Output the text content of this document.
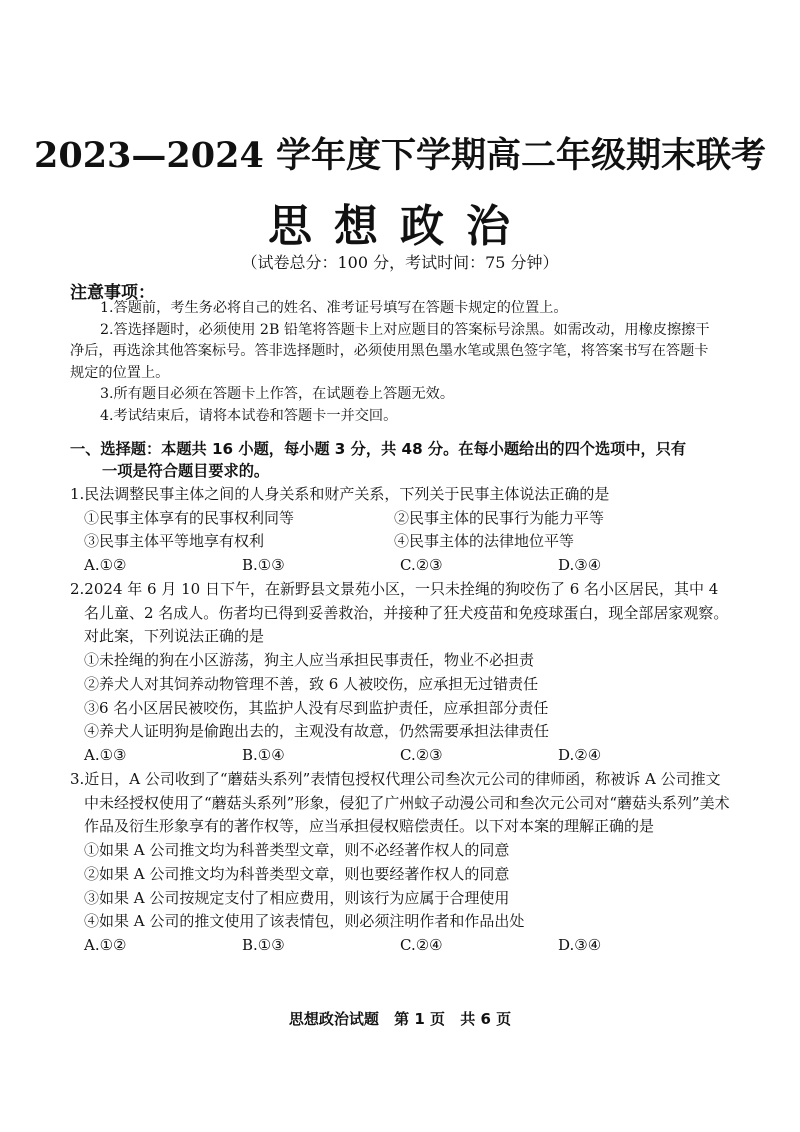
2023—2024 学年度下学期高二年级期末联考
思想政治
（试卷总分：100 分，考试时间：75 分钟）
注意事项：
1.答题前，考生务必将自己的姓名、准考证号填写在答题卡规定的位置上。
2.答选择题时，必须使用 2B 铅笔将答题卡上对应题目的答案标号涂黑。如需改动，用橡皮擦擦干净后，再选涂其他答案标号。答非选择题时，必须使用黑色墨水笔或黑色签字笔，将答案书写在答题卡规定的位置上。
3.所有题目必须在答题卡上作答，在试题卷上答题无效。
4.考试结束后，请将本试卷和答题卡一并交回。
一、选择题：本题共 16 小题，每小题 3 分，共 48 分。在每小题给出的四个选项中，只有
一项是符合题目要求的。
1.民法调整民事主体之间的人身关系和财产关系，下列关于民事主体说法正确的是
①民事主体享有的民事权利同等	②民事主体的民事行为能力平等
③民事主体平等地享有权利	④民事主体的法律地位平等
A.①②	B.①③	C.②③	D.③④
2.2024 年 6 月 10 日下午，在新野县文景苑小区，一只未拴绳的狗咬伤了 6 名小区居民，其中 4 名儿童、2 名成人。伤者均已得到妥善救治，并接种了狂犬疫苗和免疫球蛋白，现全部居家观察。对此案，下列说法正确的是
①未拴绳的狗在小区游荡，狗主人应当承担民事责任，物业不必担责
②养犬人对其饲养动物管理不善，致 6 人被咬伤，应承担无过错责任
③6 名小区居民被咬伤，其监护人没有尽到监护责任，应承担部分责任
④养犬人证明狗是偷跑出去的，主观没有故意，仍然需要承担法律责任
A.①③	B.①④	C.②③	D.②④
3.近日，A 公司收到了“蘑菇头系列”表情包授权代理公司叁次元公司的律师函，称被诉 A 公司推文中未经授权使用了“蘑菇头系列”形象，侵犯了广州蚊子动漫公司和叁次元公司对“蘑菇头系列”美术作品及衍生形象享有的著作权等，应当承担侵权赔偿责任。以下对本案的理解正确的是
①如果 A 公司推文均为科普类型文章，则不必经著作权人的同意
②如果 A 公司推文均为科普类型文章，则也要经著作权人的同意
③如果 A 公司按规定支付了相应费用，则该行为应属于合理使用
④如果 A 公司的推文使用了该表情包，则必须注明作者和作品出处
A.①②	B.①③	C.②④	D.③④
思想政治试题 第 1 页 共 6 页
